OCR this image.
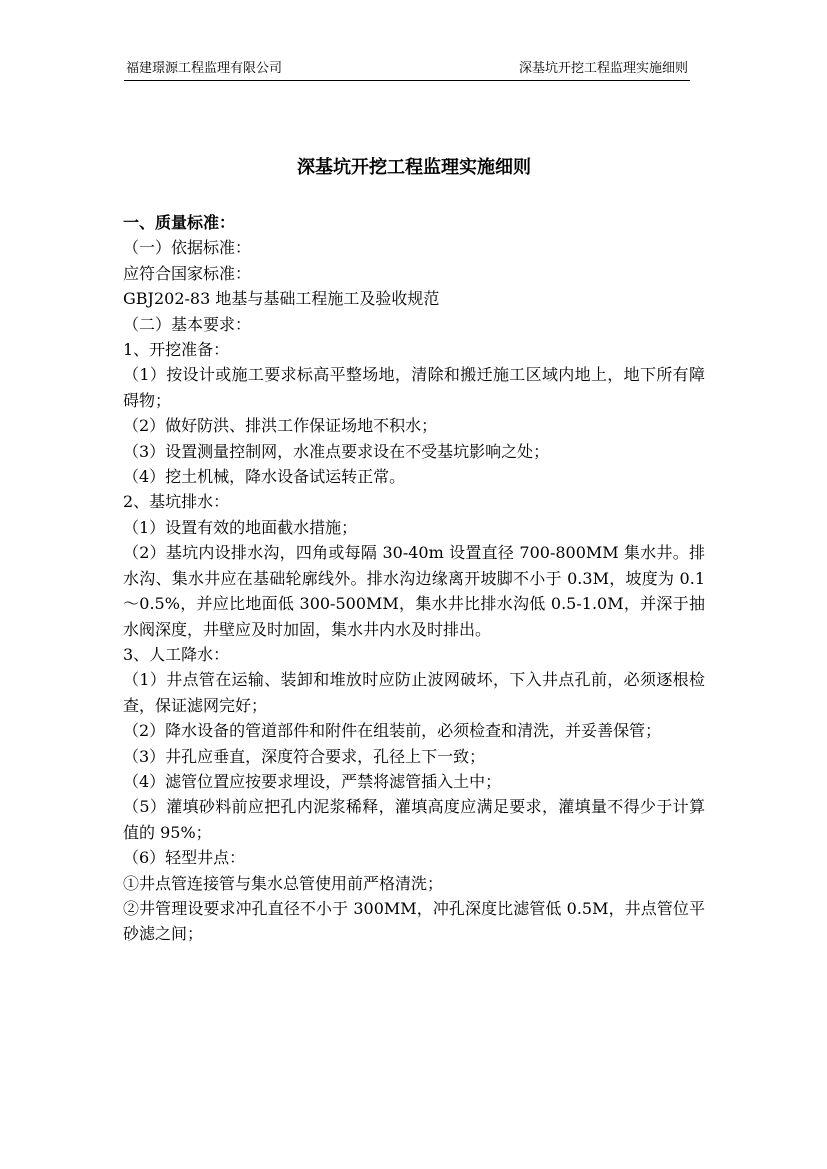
福建璟源工程监理有限公司	深基坑开挖工程监理实施细则
深基坑开挖工程监理实施细则

一、质量标准：

（一）依据标准：

应符合国家标准：

GBJ202-83 地基与基础工程施工及验收规范

（二）基本要求：

1、开挖准备：

（1）按设计或施工要求标高平整场地，清除和搬迁施工区域内地上，地下所有障碍物；

（2）做好防洪、排洪工作保证场地不积水；

（3）设置测量控制网，水准点要求设在不受基坑影响之处；

（4）挖土机械，降水设备试运转正常。

2、基坑排水：

（1）设置有效的地面截水措施；

（2）基坑内设排水沟，四角或每隔 30-40m 设置直径 700-800MM 集水井。排水沟、集水井应在基础轮廓线外。排水沟边缘离开坡脚不小于 0.3M，坡度为 0.1～0.5%，并应比地面低 300-500MM，集水井比排水沟低 0.5-1.0M，并深于抽水阀深度，井壁应及时加固，集水井内水及时排出。

3、人工降水：

（1）井点管在运输、装卸和堆放时应防止波网破坏，下入井点孔前，必须逐根检查，保证滤网完好；

（2）降水设备的管道部件和附件在组装前，必须检查和清洗，并妥善保管；

（3）井孔应垂直，深度符合要求，孔径上下一致；

（4）滤管位置应按要求埋设，严禁将滤管插入土中；

（5）灌填砂料前应把孔内泥浆稀释，灌填高度应满足要求，灌填量不得少于计算值的 95%；

（6）轻型井点：

①井点管连接管与集水总管使用前严格清洗；

②井管理设要求冲孔直径不小于 300MM，冲孔深度比滤管低 0.5M，井点管位平砂滤之间；
